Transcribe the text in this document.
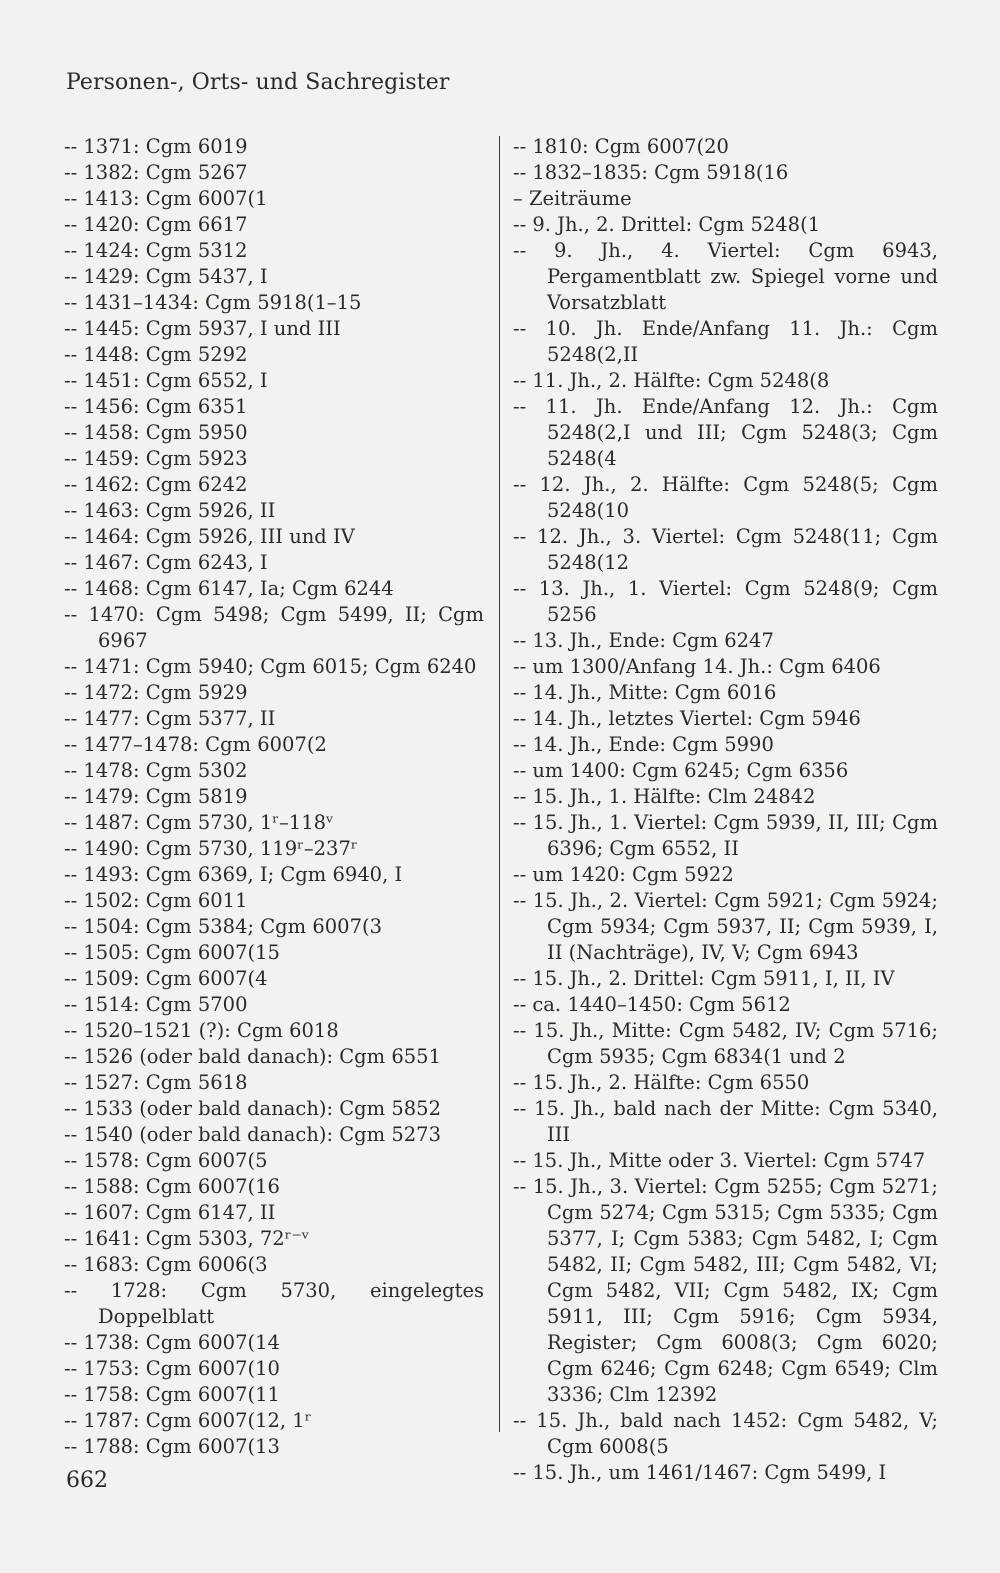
Personen-, Orts- und Sachregister

-- 1371: Cgm 6019

-- 1382: Cgm 5267

-- 1413: Cgm 6007(1

-- 1420: Cgm 6617

-- 1424: Cgm 5312

-- 1429: Cgm 5437, I

-- 1431–1434: Cgm 5918(1–15

-- 1445: Cgm 5937, I und III

-- 1448: Cgm 5292

-- 1451: Cgm 6552, I

-- 1456: Cgm 6351

-- 1458: Cgm 5950

-- 1459: Cgm 5923

-- 1462: Cgm 6242

-- 1463: Cgm 5926, II

-- 1464: Cgm 5926, III und IV

-- 1467: Cgm 6243, I

-- 1468: Cgm 6147, Ia; Cgm 6244

-- 1470: Cgm 5498; Cgm 5499, II; Cgm 6967

-- 1471: Cgm 5940; Cgm 6015; Cgm 6240

-- 1472: Cgm 5929

-- 1477: Cgm 5377, II

-- 1477–1478: Cgm 6007(2

-- 1478: Cgm 5302

-- 1479: Cgm 5819

-- 1487: Cgm 5730, 1ʳ–118ᵛ

-- 1490: Cgm 5730, 119ʳ–237ʳ

-- 1493: Cgm 6369, I; Cgm 6940, I

-- 1502: Cgm 6011

-- 1504: Cgm 5384; Cgm 6007(3

-- 1505: Cgm 6007(15

-- 1509: Cgm 6007(4

-- 1514: Cgm 5700

-- 1520–1521 (?): Cgm 6018

-- 1526 (oder bald danach): Cgm 6551

-- 1527: Cgm 5618

-- 1533 (oder bald danach): Cgm 5852

-- 1540 (oder bald danach): Cgm 5273

-- 1578: Cgm 6007(5

-- 1588: Cgm 6007(16

-- 1607: Cgm 6147, II

-- 1641: Cgm 5303, 72ʳ⁻ᵛ

-- 1683: Cgm 6006(3

-- 1728: Cgm 5730, eingelegtes Doppelblatt

-- 1738: Cgm 6007(14

-- 1753: Cgm 6007(10

-- 1758: Cgm 6007(11

-- 1787: Cgm 6007(12, 1ʳ

-- 1788: Cgm 6007(13

-- 1810: Cgm 6007(20

-- 1832–1835: Cgm 5918(16

– Zeiträume

-- 9. Jh., 2. Drittel: Cgm 5248(1

-- 9. Jh., 4. Viertel: Cgm 6943, Pergamentblatt zw. Spiegel vorne und Vorsatzblatt

-- 10. Jh. Ende/Anfang 11. Jh.: Cgm 5248(2,II

-- 11. Jh., 2. Hälfte: Cgm 5248(8

-- 11. Jh. Ende/Anfang 12. Jh.: Cgm 5248(2,I und III; Cgm 5248(3; Cgm 5248(4

-- 12. Jh., 2. Hälfte: Cgm 5248(5; Cgm 5248(10

-- 12. Jh., 3. Viertel: Cgm 5248(11; Cgm 5248(12

-- 13. Jh., 1. Viertel: Cgm 5248(9; Cgm 5256

-- 13. Jh., Ende: Cgm 6247

-- um 1300/Anfang 14. Jh.: Cgm 6406

-- 14. Jh., Mitte: Cgm 6016

-- 14. Jh., letztes Viertel: Cgm 5946

-- 14. Jh., Ende: Cgm 5990

-- um 1400: Cgm 6245; Cgm 6356

-- 15. Jh., 1. Hälfte: Clm 24842

-- 15. Jh., 1. Viertel: Cgm 5939, II, III; Cgm 6396; Cgm 6552, II

-- um 1420: Cgm 5922

-- 15. Jh., 2. Viertel: Cgm 5921; Cgm 5924; Cgm 5934; Cgm 5937, II; Cgm 5939, I, II (Nachträge), IV, V; Cgm 6943

-- 15. Jh., 2. Drittel: Cgm 5911, I, II, IV

-- ca. 1440–1450: Cgm 5612

-- 15. Jh., Mitte: Cgm 5482, IV; Cgm 5716; Cgm 5935; Cgm 6834(1 und 2

-- 15. Jh., 2. Hälfte: Cgm 6550

-- 15. Jh., bald nach der Mitte: Cgm 5340, III

-- 15. Jh., Mitte oder 3. Viertel: Cgm 5747

-- 15. Jh., 3. Viertel: Cgm 5255; Cgm 5271; Cgm 5274; Cgm 5315; Cgm 5335; Cgm 5377, I; Cgm 5383; Cgm 5482, I; Cgm 5482, II; Cgm 5482, III; Cgm 5482, VI; Cgm 5482, VII; Cgm 5482, IX; Cgm 5911, III; Cgm 5916; Cgm 5934, Register; Cgm 6008(3; Cgm 6020; Cgm 6246; Cgm 6248; Cgm 6549; Clm 3336; Clm 12392

-- 15. Jh., bald nach 1452: Cgm 5482, V; Cgm 6008(5

-- 15. Jh., um 1461/1467: Cgm 5499, I

662
